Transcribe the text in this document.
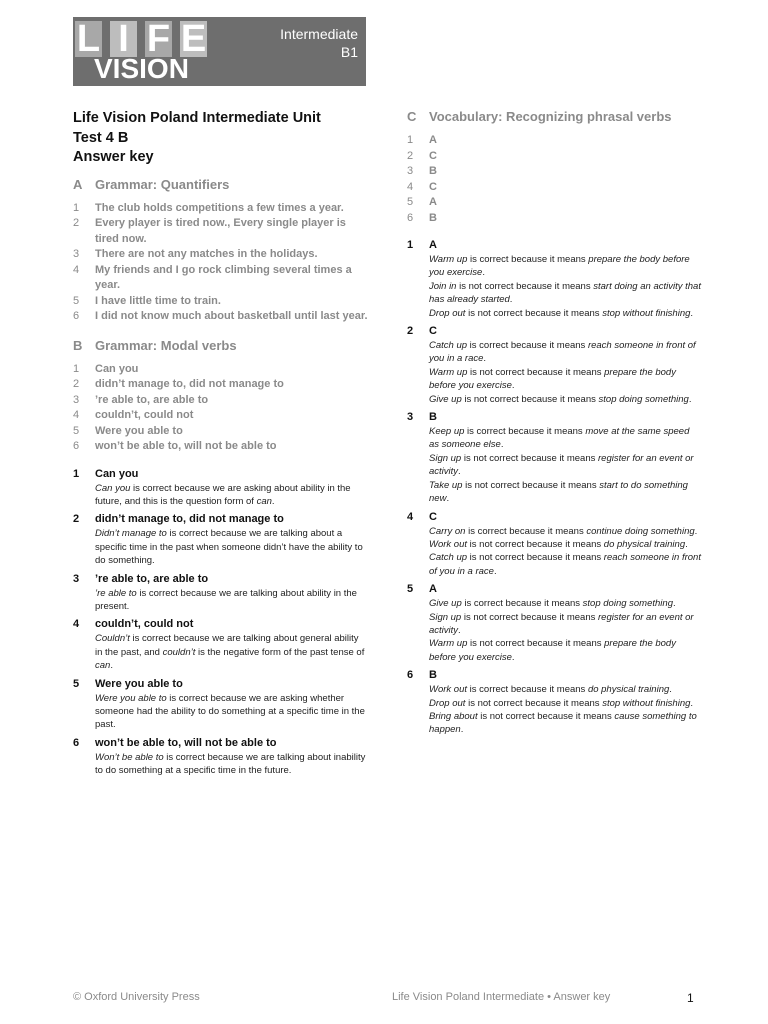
L I F E
VISION
Intermediate
B1
Life Vision Poland Intermediate Unit
Test 4 B
Answer key
A Grammar: Quantifiers
1	The club holds competitions a few times a year.
2	Every player is tired now., Every single player is tired now.
3	There are not any matches in the holidays.
4	My friends and I go rock climbing several times a year.
5	I have little time to train.
6	I did not know much about basketball until last year.
B Grammar: Modal verbs
1	Can you
2	didn’t manage to, did not manage to
3	’re able to, are able to
4	couldn’t, could not
5	Were you able to
6	won’t be able to, will not be able to
1	Can you
Can you is correct because we are asking about ability in the future, and this is the question form of can.
2	didn’t manage to, did not manage to
Didn’t manage to is correct because we are talking about a specific time in the past when someone didn’t have the ability to do something.
3	’re able to, are able to
’re able to is correct because we are talking about ability in the present.
4	couldn’t, could not
Couldn’t is correct because we are talking about general ability in the past, and couldn’t is the negative form of the past tense of
can.
5	Were you able to
Were you able to is correct because we are asking whether someone had the ability to do something at a specific time in the past.
6	won’t be able to, will not be able to
Won’t be able to is correct because we are talking about inability to do something at a specific time in the future.
C Vocabulary: Recognizing phrasal verbs
1	A
2	C
3	B
4	C
5	A
6	B
1	A
Warm up is correct because it means prepare the body before you exercise.
Join in is not correct because it means start doing an activity that has already started.
Drop out is not correct because it means stop without finishing.
2	C
Catch up is correct because it means reach someone in front of you in a race.
Warm up is not correct because it means prepare the body before you exercise.
Give up is not correct because it means stop doing something.
3	B
Keep up is correct because it means move at the same speed as someone else.
Sign up is not correct because it means register for an event or activity.
Take up is not correct because it means start to do something new.
4	C
Carry on is correct because it means continue doing something.
Work out is not correct because it means do physical training.
Catch up is not correct because it means reach someone in front of you in a race.
5	A
Give up is correct because it means stop doing something.
Sign up is not correct because it means register for an event or activity.
Warm up is not correct because it means prepare the body before you exercise.
6	B
Work out is correct because it means do physical training.
Drop out is not correct because it means stop without finishing.
Bring about is not correct because it means cause something to happen.
© Oxford University Press	Life Vision Poland Intermediate • Answer key	1
